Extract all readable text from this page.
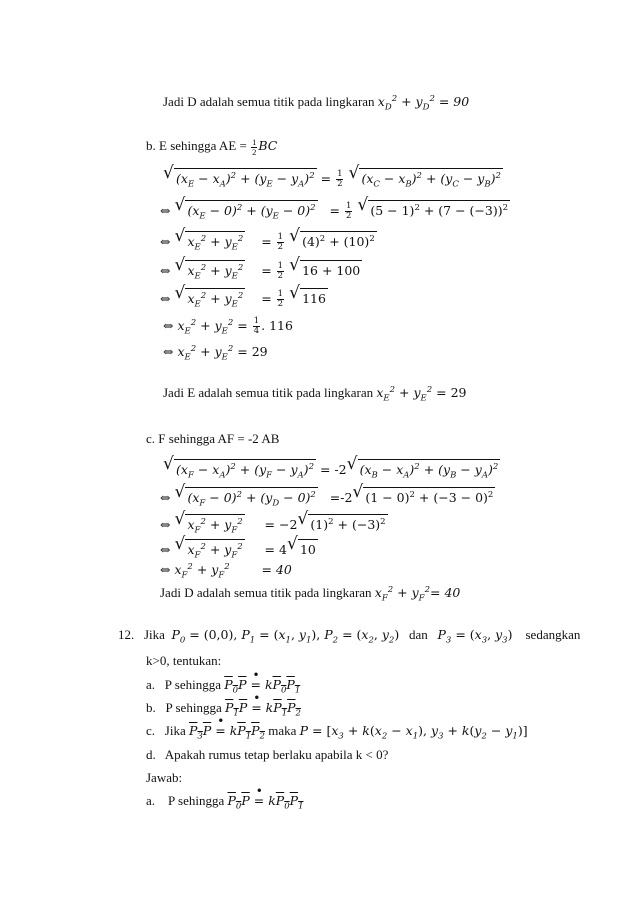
Jadi D adalah semua titik pada lingkaran $x_D^2 + y_D^2 = 90$
b. E sehingga AE = $\frac{1}{2}$ BC
√ $(x_E - x_A)^2 + (y_E - y_A)^2 = \frac{1}{2}$ √ $(x_C - x_B)^2 + (y_C - y_B)^2$
⇔ √ $(x_E - 0)^2 + (y_E - 0)^2 = \frac{1}{2}$ √ $(5 - 1)^2 + (7 - (-3))^2$
⇔ √ $x_E^2 + y_E^2 = \frac{1}{2}$ √ $(4)^2 + (10)^2$
⇔ √ $x_E^2 + y_E^2 = \frac{1}{2}$ √ 16 + 100
⇔ √ $x_E^2 + y_E^2 = \frac{1}{2}$ √ 116
⇔ $x_E^2 + y_E^2 = \frac{1}{4}$ . 116
⇔ $x_E^2 + y_E^2 = 29$
Jadi E adalah semua titik pada lingkaran $x_E^2 + y_E^2 = 29$
c. F sehingga AF = -2 AB
√ $(x_F - x_A)^2 + (y_F - y_A)^2 = -2$ √ $(x_B - x_A)^2 + (y_B - y_A)^2$
⇔ √ $(x_F - 0)^2 + (y_D - 0)^2 =-2$ √ $(1 - 0)^2 + (-3 - 0)^2$
⇔ √ $x_F^2 + y_F^2 = -2$ √ $(1)^2 + (-3)^2$
⇔ √ $x_F^2 + y_F^2 = 4$ √ 10
⇔ $x_F^2 + y_F^2$	= 40
Jadi D adalah semua titik pada lingkaran $x_F^2 + y_F^2= 40$
12. Jika $P_0 = (0,0)$, $P_1 = (x_1$, $y_1$), $P_2 = (x_2$, $y_2$) dan $P_3 = (x_3$, $y_3$) sedangkan
k>0, tentukan:
a. P sehingga $P_0P$ • = $kP_0P_1$
b. P sehingga $P_1P$ • = $kP_1P_2$
c. Jika $P_3P$ • = $kP_1P_2$ maka $P = [x_3 + k(x_2 - x_1)$, $y_3 + k(y_2 - y_1)$]
d. Apakah rumus tetap berlaku apabila k < 0?
Jawab:
a. P sehingga $P_0P$ • = $kP_0P_1$
